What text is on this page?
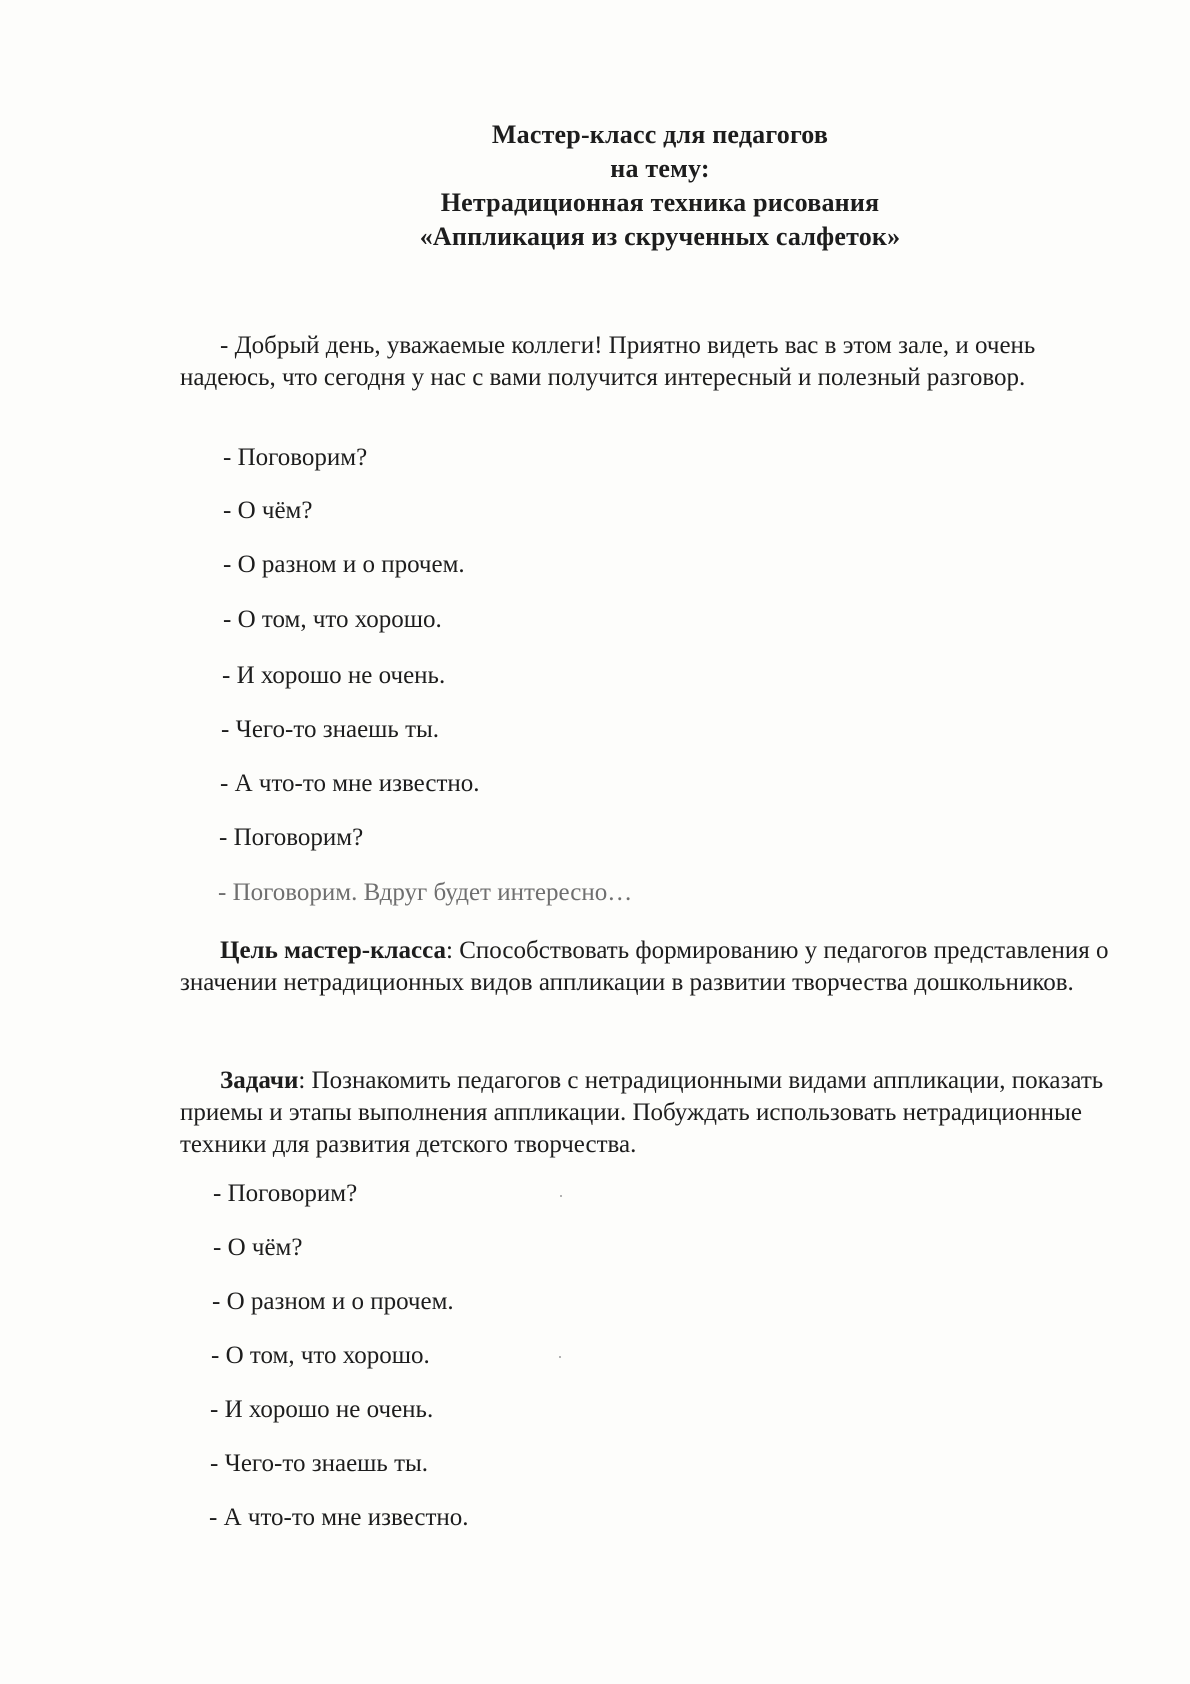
Мастер-класс для педагогов
на тему:
Нетрадиционная техника рисования
«Аппликация из скрученных салфеток»
- Добрый день, уважаемые коллеги! Приятно видеть вас в этом зале, и очень надеюсь, что сегодня у нас с вами получится интересный и полезный разговор.
- Поговорим?
- О чём?
- О разном и о прочем.
- О том, что хорошо.
- И хорошо не очень.
- Чего-то знаешь ты.
- А что-то мне известно.
- Поговорим?
- Поговорим. Вдруг будет интересно…
Цель мастер-класса: Способствовать формированию у педагогов представления о значении нетрадиционных видов аппликации в развитии творчества дошкольников.
Задачи: Познакомить педагогов с нетрадиционными видами аппликации, показать приемы и этапы выполнения аппликации. Побуждать использовать нетрадиционные техники для развития детского творчества.
- Поговорим?
- О чём?
- О разном и о прочем.
- О том, что хорошо.
- И хорошо не очень.
- Чего-то знаешь ты.
- А что-то мне известно.
